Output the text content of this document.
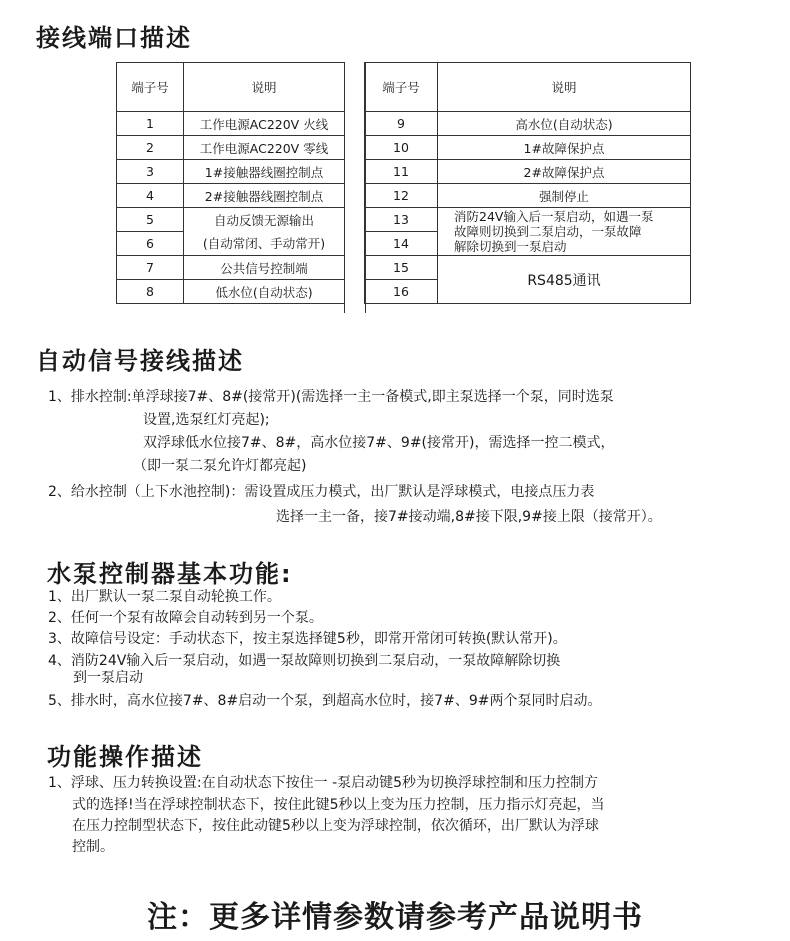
接线端口描述
端子号	说明
1	工作电源AC220V 火线
2	工作电源AC220V 零线
3	1#接触器线圈控制点
4	2#接触器线圈控制点
5	自动反馈无源输出
6	(自动常闭、手动常开)
7	公共信号控制端
8	低水位(自动状态)
端子号	说明
9	高水位(自动状态)
10	1#故障保护点
11	2#故障保护点
12	强制停止
13	消防24V输入后一泵启动，如遇一泵
故障则切换到二泵启动，一泵故障
解除切换到一泵启动

14	
15	RS485通讯
16	
自动信号接线描述
1、排水控制:单浮球接7#、8#(接常开)(需选择一主一备模式,即主泵选择一个泵，同时选泵
设置,选泵红灯亮起);
双浮球低水位接7#、8#，高水位接7#、9#(接常开)，需选择一控二模式，
（即一泵二泵允许灯都亮起)
2、给水控制（上下水池控制)：需设置成压力模式，出厂默认是浮球模式，电接点压力表
选择一主一备，接7#接动端,8#接下限,9#接上限（接常开）。
水泵控制器基本功能:
1、出厂默认一泵二泵自动轮换工作。
2、任何一个泵有故障会自动转到另一个泵。
3、故障信号设定：手动状态下，按主泵选择键5秒，即常开常闭可转换(默认常开)。
4、消防24V输入后一泵启动，如遇一泵故障则切换到二泵启动，一泵故障解除切换
到一泵启动
5、排水时，高水位接7#、8#启动一个泵，到超高水位时，接7#、9#两个泵同时启动。
功能操作描述
1、浮球、压力转换设置:在自动状态下按住一 -泵启动键5秒为切换浮球控制和压力控制方
式的选择!当在浮球控制状态下，按住此键5秒以上变为压力控制，压力指示灯亮起，当
在压力控制型状态下，按住此动键5秒以上变为浮球控制，依次循环，出厂默认为浮球
控制。
注：更多详情参数请参考产品说明书
